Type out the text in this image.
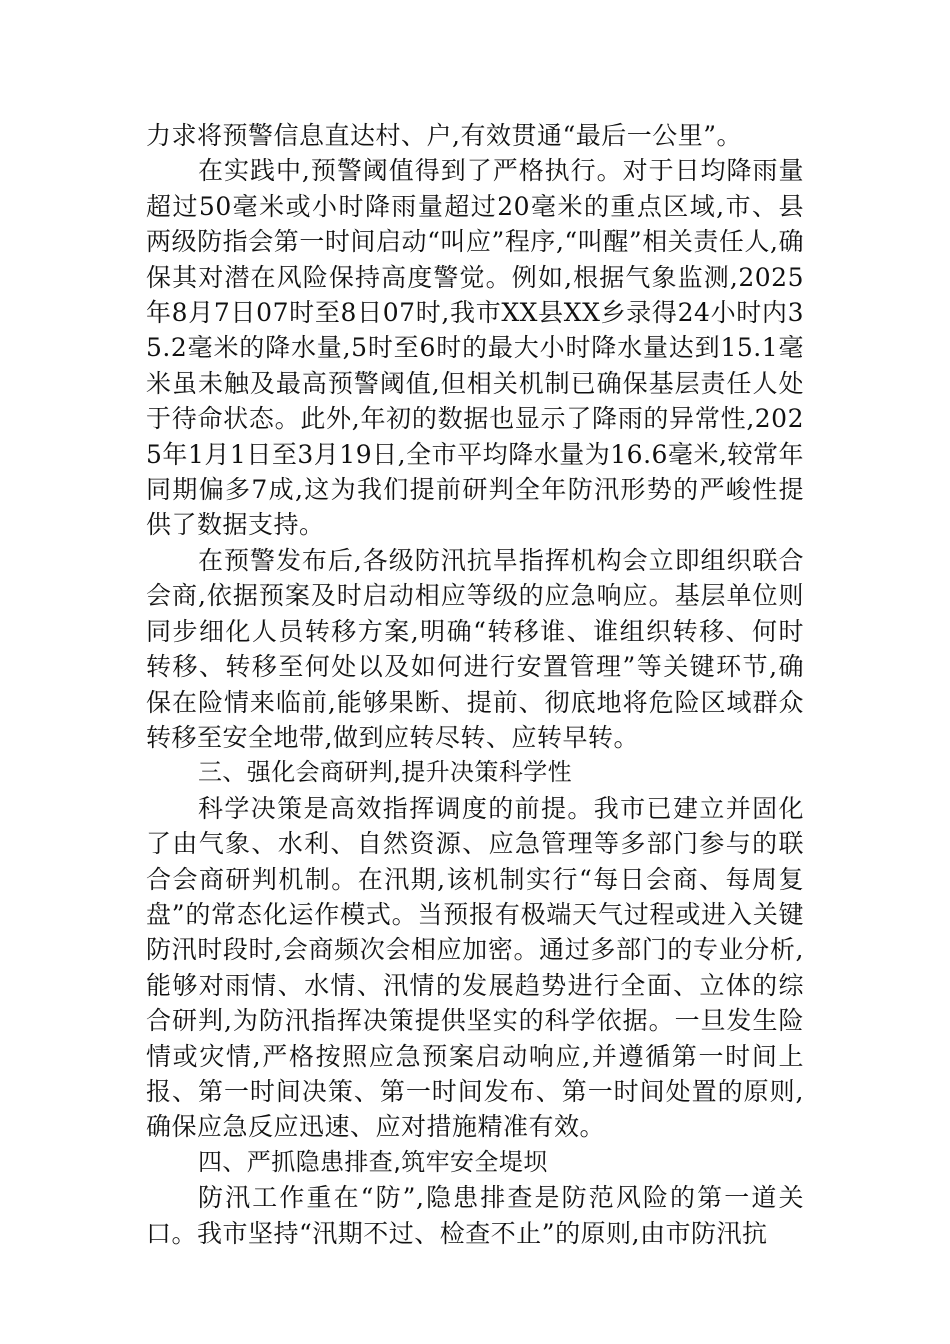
力求将预警信息直达村、户,有效贯通“最后一公里”。

在实践中,预警阈值得到了严格执行。对于日均降雨量超过50毫米或小时降雨量超过20毫米的重点区域,市、县两级防指会第一时间启动“叫应”程序,“叫醒”相关责任人,确保其对潜在风险保持高度警觉。例如,根据气象监测,2025年8月7日07时至8日07时,我市XX县XX乡录得24小时内35.2毫米的降水量,5时至6时的最大小时降水量达到15.1毫米虽未触及最高预警阈值,但相关机制已确保基层责任人处于待命状态。此外,年初的数据也显示了降雨的异常性,2025年1月1日至3月19日,全市平均降水量为16.6毫米,较常年同期偏多7成,这为我们提前研判全年防汛形势的严峻性提供了数据支持。

在预警发布后,各级防汛抗旱指挥机构会立即组织联合会商,依据预案及时启动相应等级的应急响应。基层单位则同步细化人员转移方案,明确“转移谁、谁组织转移、何时转移、转移至何处以及如何进行安置管理”等关键环节,确保在险情来临前,能够果断、提前、彻底地将危险区域群众转移至安全地带,做到应转尽转、应转早转。

三、强化会商研判,提升决策科学性

科学决策是高效指挥调度的前提。我市已建立并固化了由气象、水利、自然资源、应急管理等多部门参与的联合会商研判机制。在汛期,该机制实行“每日会商、每周复盘”的常态化运作模式。当预报有极端天气过程或进入关键防汛时段时,会商频次会相应加密。通过多部门的专业分析,能够对雨情、水情、汛情的发展趋势进行全面、立体的综合研判,为防汛指挥决策提供坚实的科学依据。一旦发生险情或灾情,严格按照应急预案启动响应,并遵循第一时间上报、第一时间决策、第一时间发布、第一时间处置的原则,确保应急反应迅速、应对措施精准有效。

四、严抓隐患排查,筑牢安全堤坝

防汛工作重在“防”,隐患排查是防范风险的第一道关口。我市坚持“汛期不过、检查不止”的原则,由市防汛抗
